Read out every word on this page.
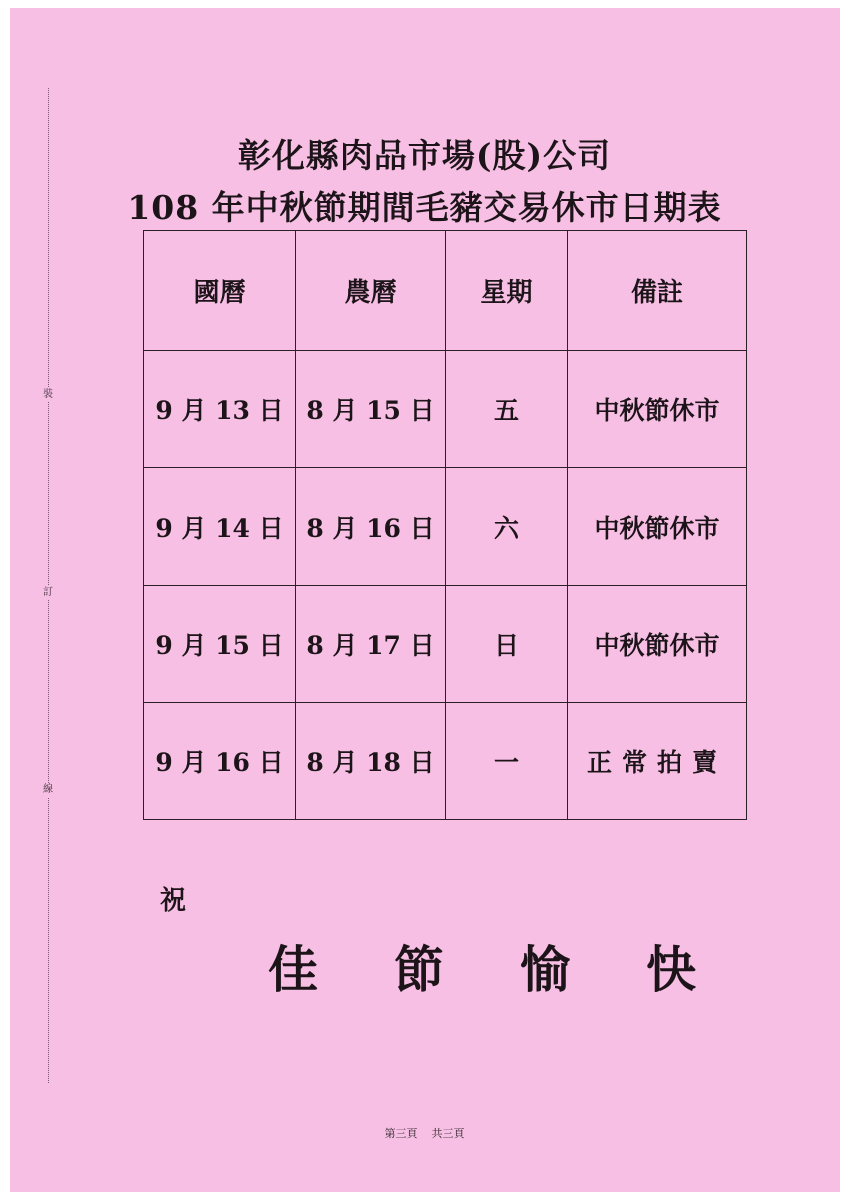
裝
訂
線
彰化縣肉品市場(股)公司
108 年中秋節期間毛豬交易休市日期表
國曆	農曆	星期	備註
9 月 13 日	8 月 15 日	五	中秋節休市
9 月 14 日	8 月 16 日	六	中秋節休市
9 月 15 日	8 月 17 日	日	中秋節休市
9 月 16 日	8 月 18 日	一	正常拍賣
祝
佳節愉快
第三頁    共三頁
